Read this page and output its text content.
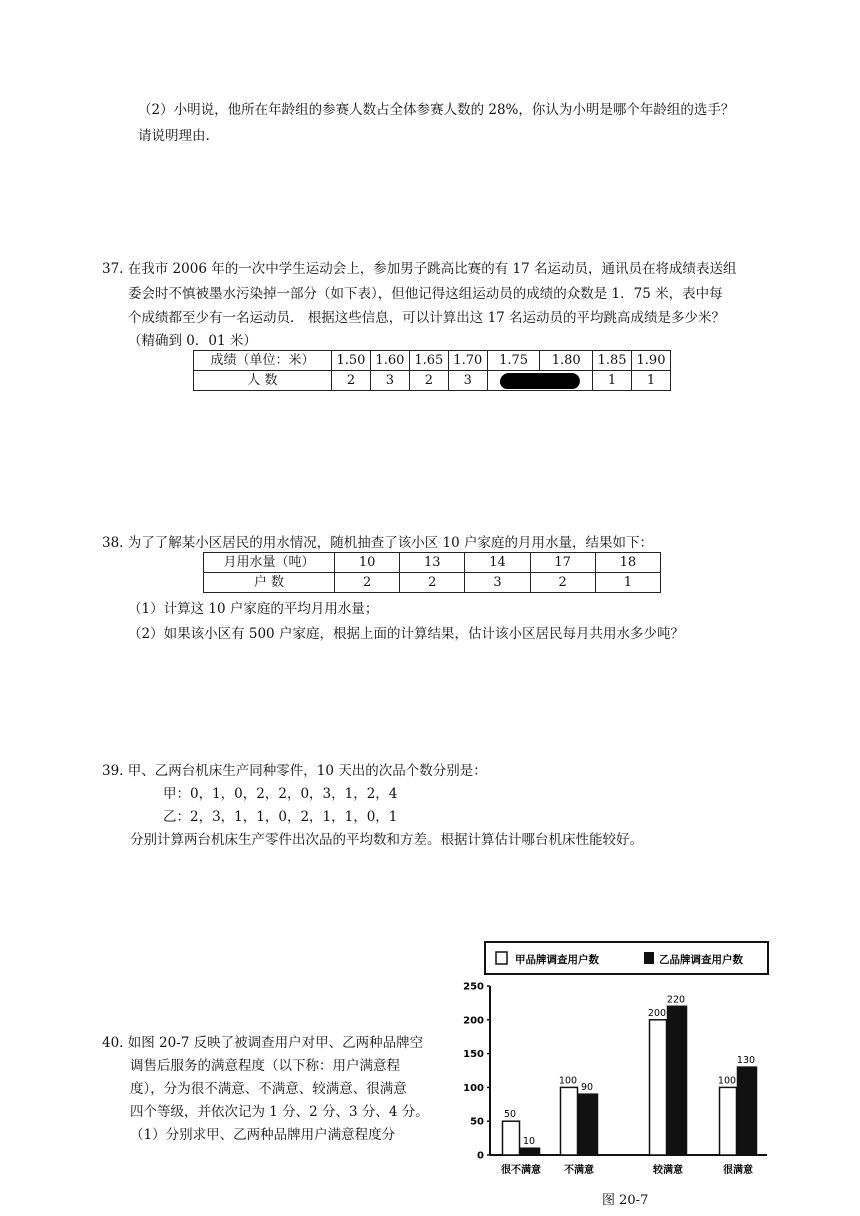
（2）小明说，他所在年龄组的参赛人数占全体参赛人数的 28%，你认为小明是哪个年龄组的选手？
请说明理由.
37. 在我市 2006 年的一次中学生运动会上，参加男子跳高比赛的有 17 名运动员，通讯员在将成绩表送组
委会时不慎被墨水污染掉一部分（如下表），但他记得这组运动员的成绩的众数是 1．75 米，表中每
个成绩都至少有一名运动员． 根据这些信息，可以计算出这 17 名运动员的平均跳高成绩是多少米？
（精确到 0．01 米）
成绩（单位：米）	1.50	1.60	1.65	1.70	1.75	1.80	1.85	1.90
人 数	2	3	2	3			1	1
38. 为了了解某小区居民的用水情况，随机抽查了该小区 10 户家庭的月用水量，结果如下：
月用水量（吨）	10	13	14	17	18
户 数	2	2	3	2	1
（1）计算这 10 户家庭的平均月用水量；
（2）如果该小区有 500 户家庭，根据上面的计算结果，估计该小区居民每月共用水多少吨？
39. 甲、乙两台机床生产同种零件，10 天出的次品个数分别是：
甲：0，1，0，2，2，0，3，1，2，4
乙：2，3，1，1，0，2，1，1，0，1
分别计算两台机床生产零件出次品的平均数和方差。根据计算估计哪台机床性能较好。
40. 如图 20-7 反映了被调查用户对甲、乙两种品牌空
调售后服务的满意程度（以下称：用户满意程
度），分为很不满意、不满意、较满意、很满意
四个等级，并依次记为 1 分、2 分、3 分、4 分。
（1）分别求甲、乙两种品牌用户满意程度分
甲品牌调查用户数	乙品牌调查用户数
0
50
100
150
200
250
50
10
100
90
200
220
100
130
很不满意 不满意	较满意	很满意
图 20-7
